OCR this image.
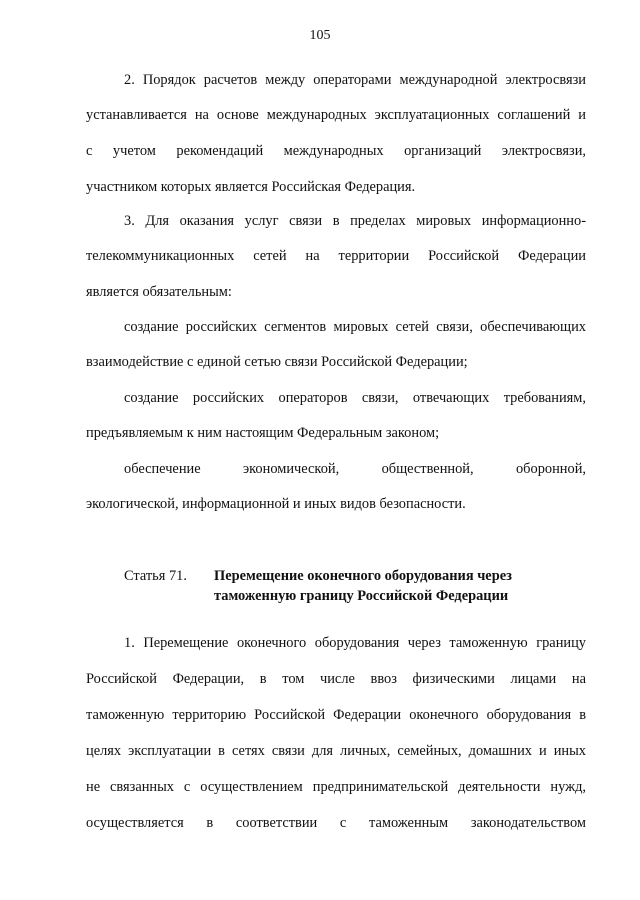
105
2. Порядок расчетов между операторами международной электросвязи
устанавливается на основе международных эксплуатационных соглашений и
с учетом рекомендаций международных организаций электросвязи,
участником которых является Российская Федерация.
3. Для оказания услуг связи в пределах мировых информационно-
телекоммуникационных сетей на территории Российской Федерации
является обязательным:
создание российских сегментов мировых сетей связи, обеспечивающих
взаимодействие с единой сетью связи Российской Федерации;
создание российских операторов связи, отвечающих требованиям,
предъявляемым к ним настоящим Федеральным законом;
обеспечение экономической, общественной, оборонной,
экологической, информационной и иных видов безопасности.
Статья 71. Перемещение оконечного оборудования через
таможенную границу Российской Федерации
1. Перемещение оконечного оборудования через таможенную границу
Российской Федерации, в том числе ввоз физическими лицами на
таможенную территорию Российской Федерации оконечного оборудования в
целях эксплуатации в сетях связи для личных, семейных, домашних и иных
не связанных с осуществлением предпринимательской деятельности нужд,
осуществляется в соответствии с таможенным законодательством
